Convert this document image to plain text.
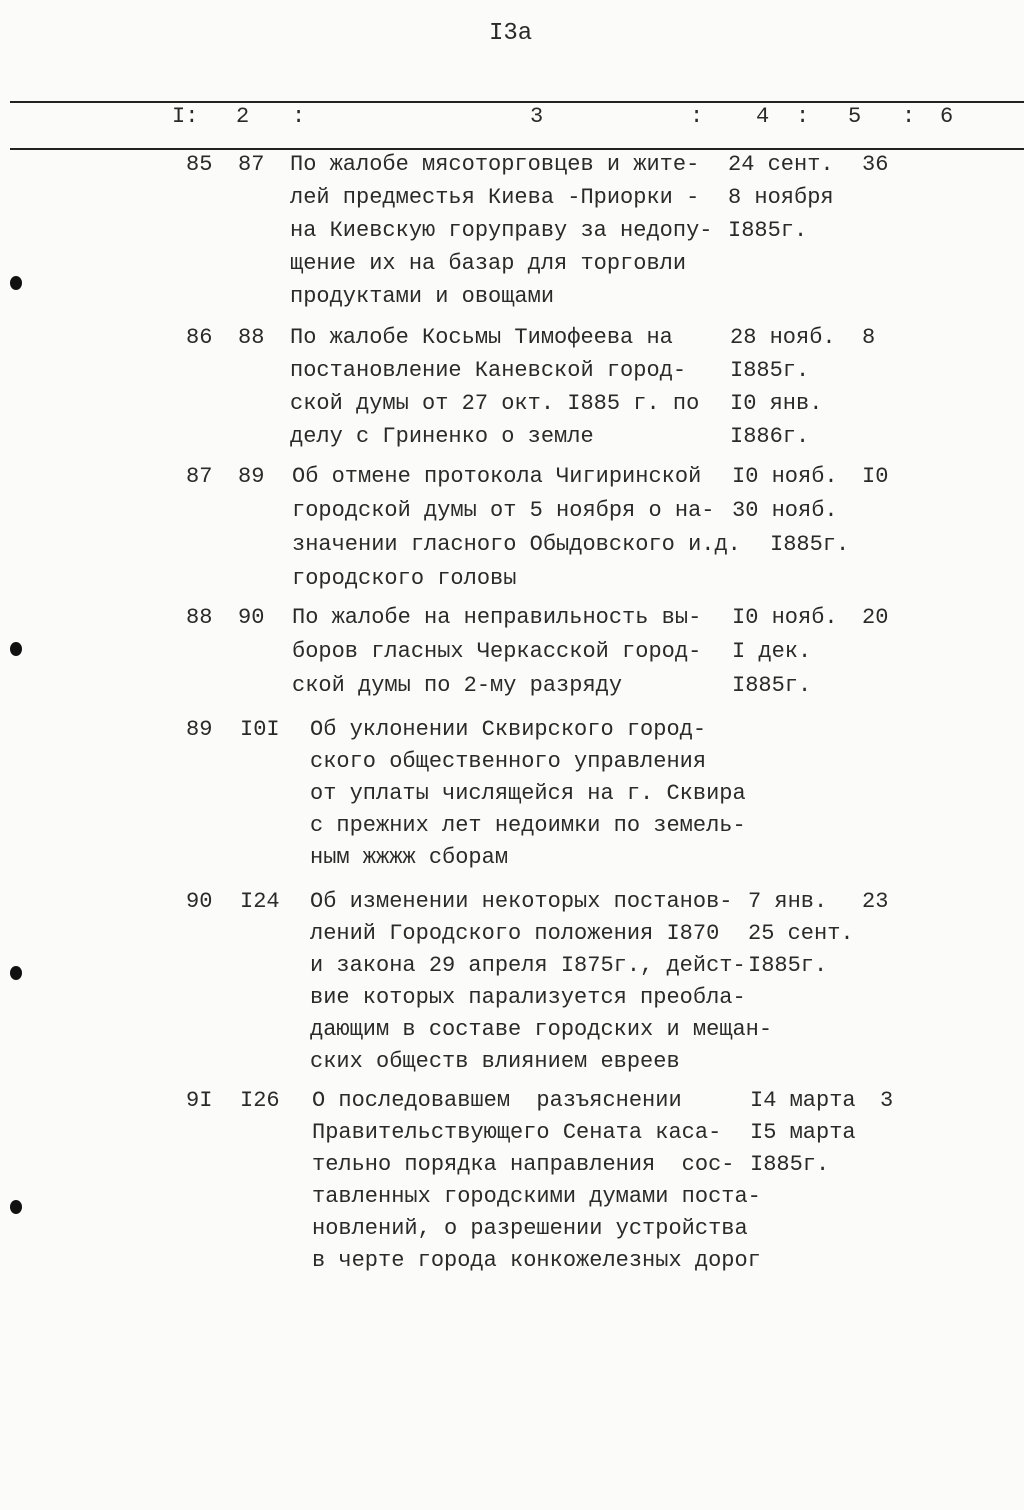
I3а
I: 2 :	3	: 4 : 5 : 6
85 87 По жалобе мясоторговцев и жите-
лей предместья Киева -Приорки -
на Киевскую горуправу за недопу-
щение их на базар для торговли
продуктами и овощами
24 сент.
8 ноября
I885г.
36
86 88 По жалобе Косьмы Тимофеева на
постановление Каневской город-
ской думы от 27 окт. I885 г. по
делу с Гриненко о земле
28 нояб.
I885г.
I0 янв.
I886г.
8
87 89 Об отмене протокола Чигиринской
городской думы от 5 ноября о на-
значении гласного Обыдовского и.д.
городского головы
I0 нояб.
30 нояб.
I885г.
I0
88 90 По жалобе на неправильность вы-
боров гласных Черкасской город-
ской думы по 2-му разряду
I0 нояб.
I дек.
I885г.
20
89 I0I Об уклонении Сквирского город-
ского общественного управления
от уплаты числящейся на г. Сквира
с прежних лет недоимки по земель-
ным жжжж сборам
90 I24 Об изменении некоторых постанов-
лений Городского положения I870
и закона 29 апреля I875г., дейст-
вие которых парализуется преобла-
дающим в составе городских и мещан-
ских обществ влиянием евреев
7 янв.
25 сент.
I885г.
23
9I I26 О последовавшем  разъяснении
Правительствующего Сената каса-
тельно порядка направления  сос-
тавленных городскими думами поста-
новлений, о разрешении устройства
в черте города конкожелезных дорог
I4 марта
I5 марта
I885г.
3
